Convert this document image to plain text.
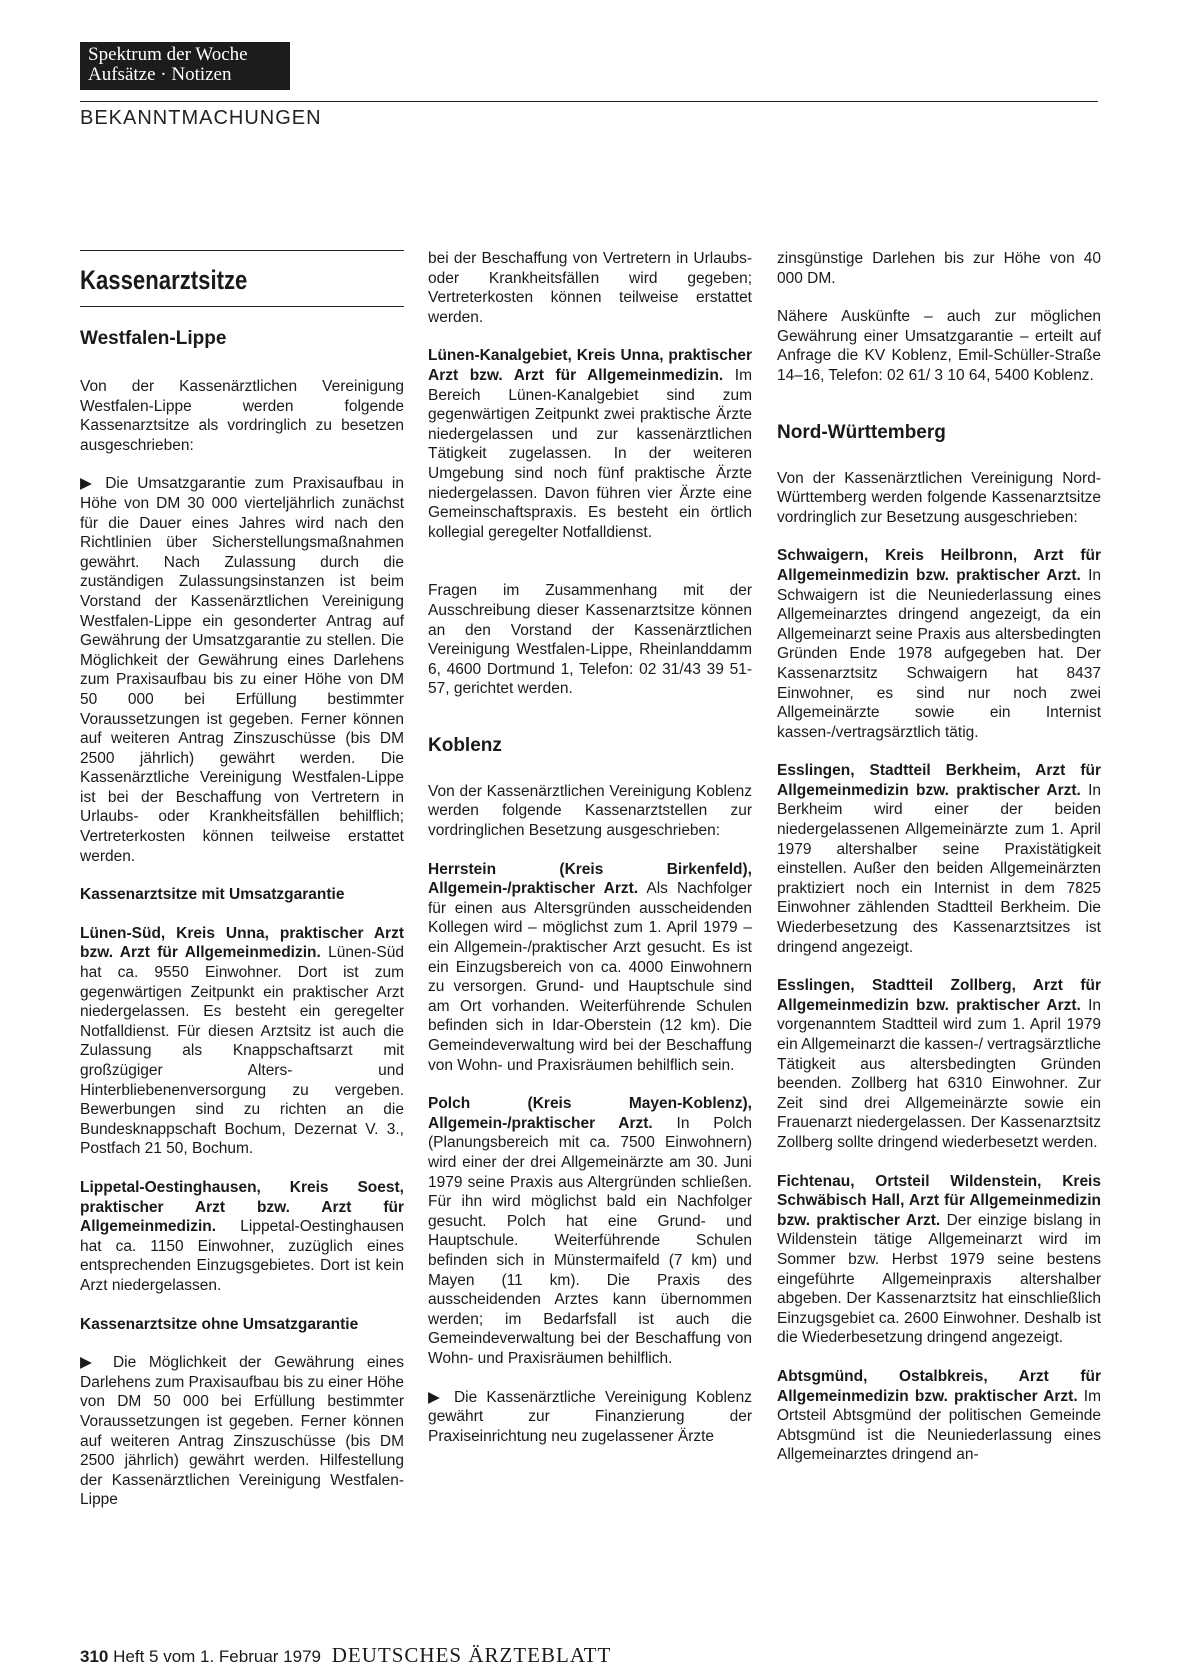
Spektrum der Woche
Aufsätze · Notizen
BEKANNTMACHUNGEN
Kassenarztsitze

Westfalen-Lippe

Von der Kassenärztlichen Vereinigung Westfalen-Lippe werden folgende Kassenarztsitze als vordringlich zu besetzen ausgeschrieben:

▶ Die Umsatzgarantie zum Praxisaufbau in Höhe von DM 30 000 vierteljährlich zunächst für die Dauer eines Jahres wird nach den Richtlinien über Sicherstellungsmaßnahmen gewährt. Nach Zulassung durch die zuständigen Zulassungsinstanzen ist beim Vorstand der Kassenärztlichen Vereinigung Westfalen-Lippe ein gesonderter Antrag auf Gewährung der Umsatzgarantie zu stellen. Die Möglichkeit der Gewährung eines Darlehens zum Praxisaufbau bis zu einer Höhe von DM 50 000 bei Erfüllung bestimmter Voraussetzungen ist gegeben. Ferner können auf weiteren Antrag Zinszuschüsse (bis DM 2500 jährlich) gewährt werden. Die Kassenärztliche Vereinigung Westfalen-Lippe ist bei der Beschaffung von Vertretern in Urlaubs- oder Krankheitsfällen behilflich; Vertreterkosten können teilweise erstattet werden.

Kassenarztsitze mit Umsatzgarantie

Lünen-Süd, Kreis Unna, praktischer Arzt bzw. Arzt für Allgemeinmedizin. Lünen-Süd hat ca. 9550 Einwohner. Dort ist zum gegenwärtigen Zeitpunkt ein praktischer Arzt niedergelassen. Es besteht ein geregelter Notfalldienst. Für diesen Arztsitz ist auch die Zulassung als Knappschaftsarzt mit großzügiger Alters- und Hinterbliebenenversorgung zu vergeben. Bewerbungen sind zu richten an die Bundesknappschaft Bochum, Dezernat V. 3., Postfach 21 50, Bochum.

Lippetal-Oestinghausen, Kreis Soest, praktischer Arzt bzw. Arzt für Allgemeinmedizin. Lippetal-Oestinghausen hat ca. 1150 Einwohner, zuzüglich eines entsprechenden Einzugsgebietes. Dort ist kein Arzt niedergelassen.

Kassenarztsitze ohne Umsatzgarantie

▶ Die Möglichkeit der Gewährung eines Darlehens zum Praxisaufbau bis zu einer Höhe von DM 50 000 bei Erfüllung bestimmter Voraussetzungen ist gegeben. Ferner können auf weiteren Antrag Zinszuschüsse (bis DM 2500 jährlich) gewährt werden. Hilfestellung der Kassenärztlichen Vereinigung Westfalen-Lippe

bei der Beschaffung von Vertretern in Urlaubs- oder Krankheitsfällen wird gegeben; Vertreterkosten können teilweise erstattet werden.

Lünen-Kanalgebiet, Kreis Unna, praktischer Arzt bzw. Arzt für Allgemeinmedizin. Im Bereich Lünen-Kanalgebiet sind zum gegenwärtigen Zeitpunkt zwei praktische Ärzte niedergelassen und zur kassenärztlichen Tätigkeit zugelassen. In der weiteren Umgebung sind noch fünf praktische Ärzte niedergelassen. Davon führen vier Ärzte eine Gemeinschaftspraxis. Es besteht ein örtlich kollegial geregelter Notfalldienst.

Fragen im Zusammenhang mit der Ausschreibung dieser Kassenarztsitze können an den Vorstand der Kassenärztlichen Vereinigung Westfalen-Lippe, Rheinlanddamm 6, 4600 Dortmund 1, Telefon: 02 31/43 39 51-57, gerichtet werden.

Koblenz

Von der Kassenärztlichen Vereinigung Koblenz werden folgende Kassenarztstellen zur vordringlichen Besetzung ausgeschrieben:

Herrstein (Kreis Birkenfeld), Allgemein-/praktischer Arzt. Als Nachfolger für einen aus Altersgründen ausscheidenden Kollegen wird – möglichst zum 1. April 1979 – ein Allgemein-/praktischer Arzt gesucht. Es ist ein Einzugsbereich von ca. 4000 Einwohnern zu versorgen. Grund- und Hauptschule sind am Ort vorhanden. Weiterführende Schulen befinden sich in Idar-Oberstein (12 km). Die Gemeindeverwaltung wird bei der Beschaffung von Wohn- und Praxisräumen behilflich sein.

Polch (Kreis Mayen-Koblenz), Allgemein-/praktischer Arzt. In Polch (Planungsbereich mit ca. 7500 Einwohnern) wird einer der drei Allgemeinärzte am 30. Juni 1979 seine Praxis aus Altergründen schließen. Für ihn wird möglichst bald ein Nachfolger gesucht. Polch hat eine Grund- und Hauptschule. Weiterführende Schulen befinden sich in Münstermaifeld (7 km) und Mayen (11 km). Die Praxis des ausscheidenden Arztes kann übernommen werden; im Bedarfsfall ist auch die Gemeindeverwaltung bei der Beschaffung von Wohn- und Praxisräumen behilflich.

▶ Die Kassenärztliche Vereinigung Koblenz gewährt zur Finanzierung der Praxiseinrichtung neu zugelassener Ärzte

zinsgünstige Darlehen bis zur Höhe von 40 000 DM.

Nähere Auskünfte – auch zur möglichen Gewährung einer Umsatzgarantie – erteilt auf Anfrage die KV Koblenz, Emil-Schüller-Straße 14–16, Telefon: 02 61/ 3 10 64, 5400 Koblenz.

Nord-Württemberg

Von der Kassenärztlichen Vereinigung Nord-Württemberg werden folgende Kassenarztsitze vordringlich zur Besetzung ausgeschrieben:

Schwaigern, Kreis Heilbronn, Arzt für Allgemeinmedizin bzw. praktischer Arzt. In Schwaigern ist die Neuniederlassung eines Allgemeinarztes dringend angezeigt, da ein Allgemeinarzt seine Praxis aus altersbedingten Gründen Ende 1978 aufgegeben hat. Der Kassenarztsitz Schwaigern hat 8437 Einwohner, es sind nur noch zwei Allgemeinärzte sowie ein Internist kassen-/vertragsärztlich tätig.

Esslingen, Stadtteil Berkheim, Arzt für Allgemeinmedizin bzw. praktischer Arzt. In Berkheim wird einer der beiden niedergelassenen Allgemeinärzte zum 1. April 1979 altershalber seine Praxistätigkeit einstellen. Außer den beiden Allgemeinärzten praktiziert noch ein Internist in dem 7825 Einwohner zählenden Stadtteil Berkheim. Die Wiederbesetzung des Kassenarztsitzes ist dringend angezeigt.

Esslingen, Stadtteil Zollberg, Arzt für Allgemeinmedizin bzw. praktischer Arzt. In vorgenanntem Stadtteil wird zum 1. April 1979 ein Allgemeinarzt die kassen-/ vertragsärztliche Tätigkeit aus altersbedingten Gründen beenden. Zollberg hat 6310 Einwohner. Zur Zeit sind drei Allgemeinärzte sowie ein Frauenarzt niedergelassen. Der Kassenarztsitz Zollberg sollte dringend wiederbesetzt werden.

Fichtenau, Ortsteil Wildenstein, Kreis Schwäbisch Hall, Arzt für Allgemeinmedizin bzw. praktischer Arzt. Der einzige bislang in Wildenstein tätige Allgemeinarzt wird im Sommer bzw. Herbst 1979 seine bestens eingeführte Allgemeinpraxis altershalber abgeben. Der Kassenarztsitz hat einschließlich Einzugsgebiet ca. 2600 Einwohner. Deshalb ist die Wiederbesetzung dringend angezeigt.

Abtsgmünd, Ostalbkreis, Arzt für Allgemeinmedizin bzw. praktischer Arzt. Im Ortsteil Abtsgmünd der politischen Gemeinde Abtsgmünd ist die Neuniederlassung eines Allgemeinarztes dringend an-

310 Heft 5 vom 1. Februar 1979 DEUTSCHES ÄRZTEBLATT
